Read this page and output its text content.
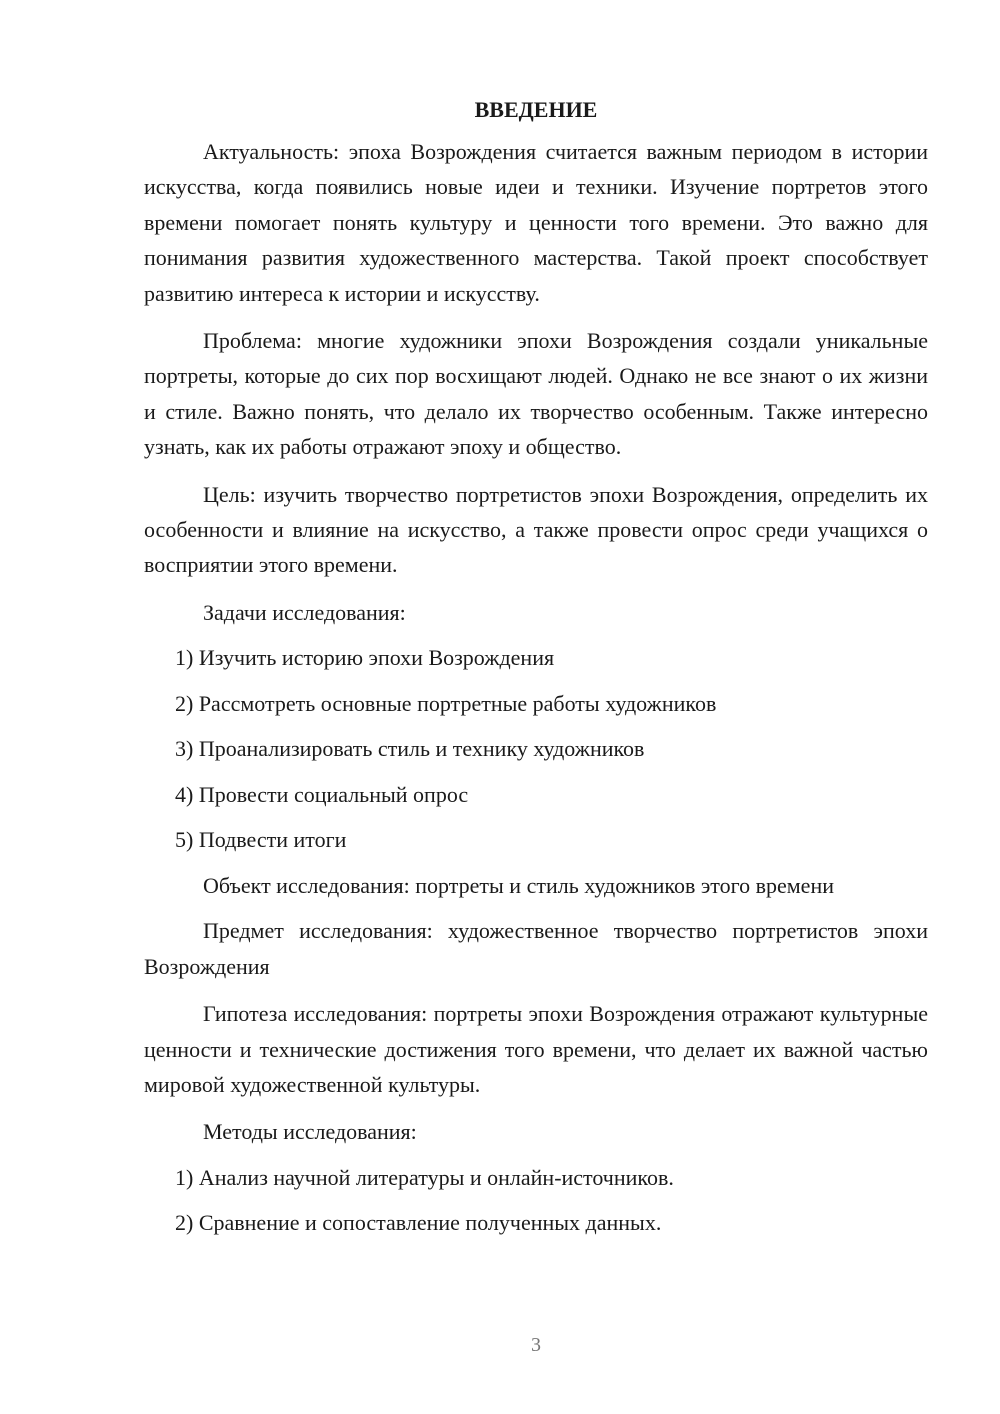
ВВЕДЕНИЕ

Актуальность: эпоха Возрождения считается важным периодом в истории искусства, когда появились новые идеи и техники. Изучение портретов этого времени помогает понять культуру и ценности того времени. Это важно для понимания развития художественного мастерства. Такой проект способствует развитию интереса к истории и искусству.

Проблема: многие художники эпохи Возрождения создали уникальные портреты, которые до сих пор восхищают людей. Однако не все знают о их жизни и стиле. Важно понять, что делало их творчество особенным. Также интересно узнать, как их работы отражают эпоху и общество.

Цель: изучить творчество портретистов эпохи Возрождения, определить их особенности и влияние на искусство, а также провести опрос среди учащихся о восприятии этого времени.

Задачи исследования:
1) Изучить историю эпохи Возрождения
2) Рассмотреть основные портретные работы художников
3) Проанализировать стиль и технику художников
4) Провести социальный опрос
5) Подвести итоги
Объект исследования: портреты и стиль художников этого времени

Предмет исследования: художественное творчество портретистов эпохи Возрождения

Гипотеза исследования: портреты эпохи Возрождения отражают культурные ценности и технические достижения того времени, что делает их важной частью мировой художественной культуры.

Методы исследования:
1) Анализ научной литературы и онлайн-источников.
2) Сравнение и сопоставление полученных данных.
3
